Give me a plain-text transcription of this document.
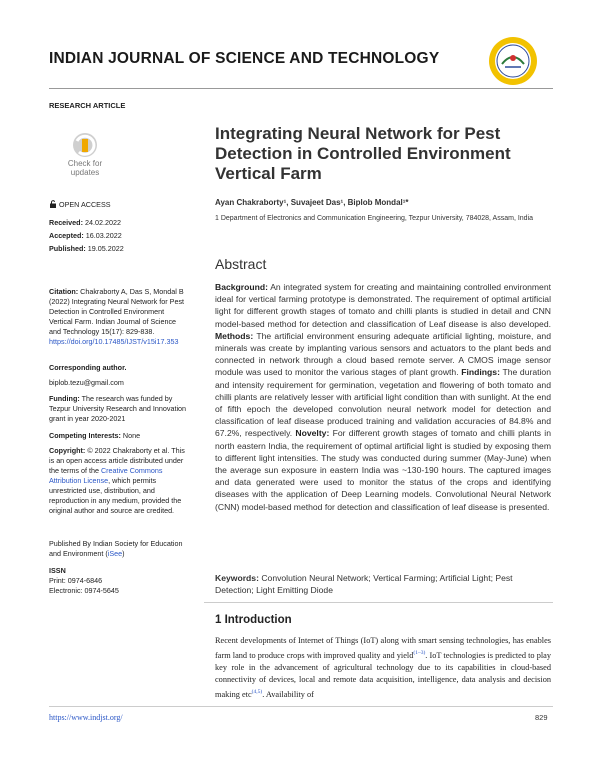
INDIAN JOURNAL OF SCIENCE AND TECHNOLOGY
RESEARCH ARTICLE
Check for
updates
OPEN ACCESS
Received: 24.02.2022
Accepted: 16.03.2022
Published: 19.05.2022
Citation: Chakraborty A, Das S, Mondal B (2022) Integrating Neural Network for Pest Detection in Controlled Environment Vertical Farm. Indian Journal of Science and Technology 15(17): 829-838. https://doi.org/10.17485/IJST/v15i17.353
Corresponding author.
biplob.tezu@gmail.com
Funding: The research was funded by Tezpur University Research and Innovation grant in year 2020-2021
Competing Interests: None
Copyright: © 2022 Chakraborty et al. This is an open access article distributed under the terms of the Creative Commons Attribution License, which permits unrestricted use, distribution, and reproduction in any medium, provided the original author and source are credited.
Published By Indian Society for Education and Environment (iSee)
ISSN
Print: 0974-6846
Electronic: 0974-5645
Integrating Neural Network for Pest Detection in Controlled Environment Vertical Farm
Ayan Chakraborty¹, Suvajeet Das¹, Biplob Mondal¹*
1 Department of Electronics and Communication Engineering, Tezpur University, 784028, Assam, India
Abstract
Background: An integrated system for creating and maintaining controlled environment ideal for vertical farming prototype is demonstrated. The requirement of optimal artificial light for different growth stages of tomato and chilli plants is studied in detail and CNN model-based method for detection and classification of Leaf disease is also developed. Methods: The artificial environment ensuring adequate artificial lighting, moisture, and minerals was create by implanting various sensors and actuators to the plant beds and connected in network through a cloud based remote server. A CMOS image sensor module was used to monitor the various stages of plant growth. Findings: The duration and intensity requirement for germination, vegetation and flowering of both tomato and chilli plants are relatively lesser with artificial light condition than with sunlight. At the end of fifth epoch the developed convolution neural network model for detection and classification of leaf disease produced training and validation accuracies of 84.8% and 67.2%, respectively. Novelty: For different growth stages of tomato and chilli plants in north eastern India, the requirement of optimal artificial light is studied by exposing them to different light intensities. The study was conducted during summer (May-June) when the average sun exposure in eastern India was ~130-190 hours. The captured images and data generated were used to monitor the status of the crops and identifying diseases with the application of Deep Learning models. Convolutional Neural Network (CNN) model-based method for detection and classification of leaf disease is presented.
Keywords: Convolution Neural Network; Vertical Farming; Artificial Light; Pest Detection; Light Emitting Diode
1 Introduction
Recent developments of Internet of Things (IoT) along with smart sensing technologies, has enables farm land to produce crops with improved quality and yield$^{(1-3)}$. IoT technologies is predicted to play key role in the advancement of agricultural technology due to its capabilities in cloud-based connectivity of devices, local and remote data acquisition, intelligence, data analysis and decision making etc$^{(4,5)}$. Availability of
https://www.indjst.org/	829
